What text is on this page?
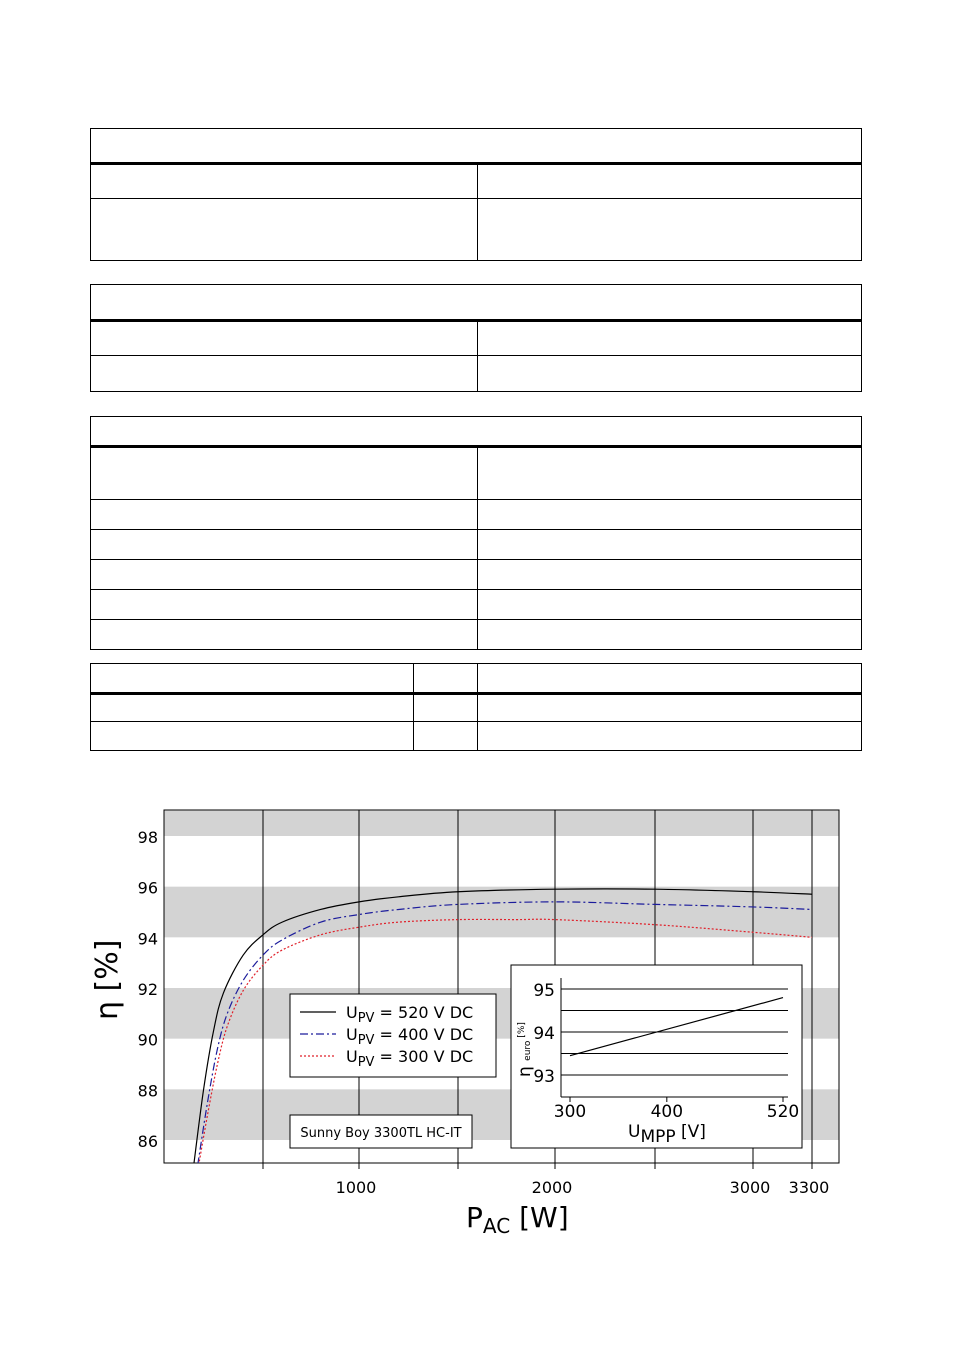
86
88
90
92
94
96
98
1000	2000	3000 3300
η [%]
$P_{AC}$ [W]
$U_{PV} = 520$ V DC
$U_{PV} = 400$ V DC
$U_{PV} = 300$ V DC
Sunny Boy 3300TL HC-IT
93
94
95
300	400	520
UMPP [V]
η euro [%]
